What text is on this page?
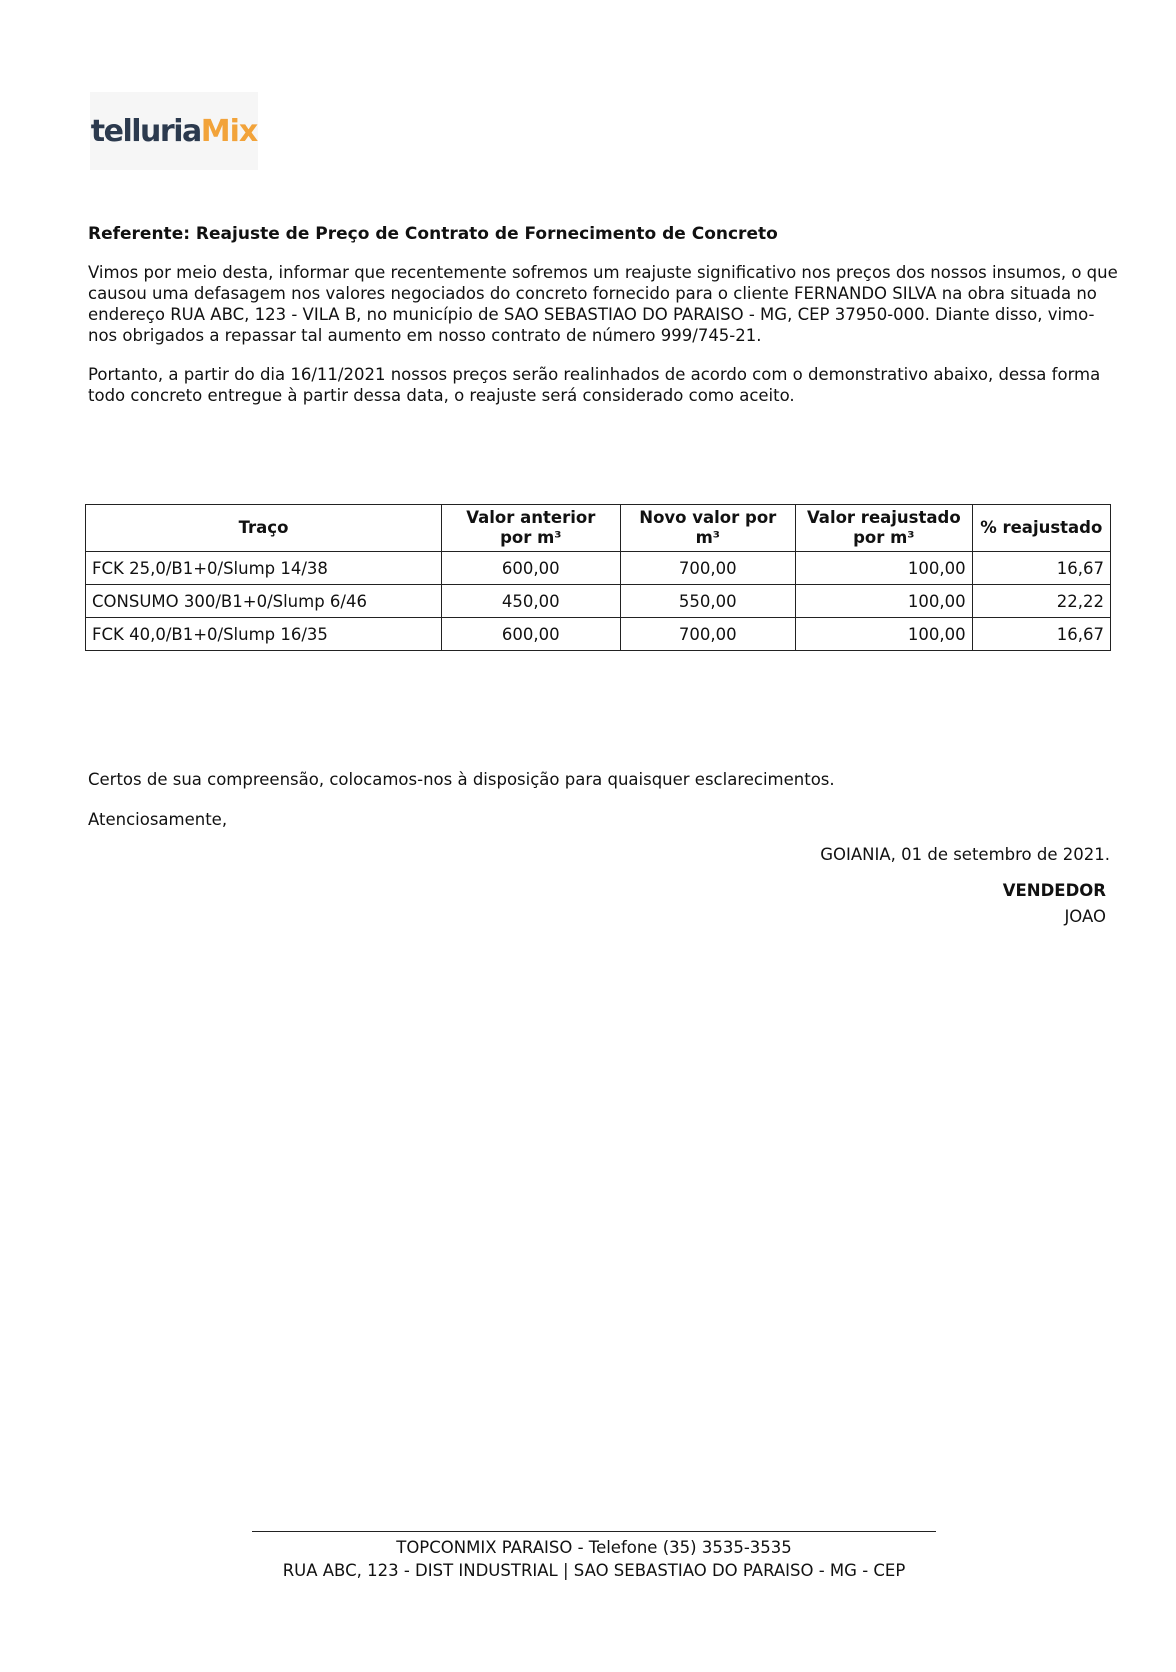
telluria Mix
Referente: Reajuste de Preço de Contrato de Fornecimento de Concreto

Vimos por meio desta, informar que recentemente sofremos um reajuste significativo nos preços dos nossos insumos, o que causou uma defasagem nos valores negociados do concreto fornecido para o cliente FERNANDO SILVA na obra situada no endereço RUA ABC, 123 - VILA B, no município de SAO SEBASTIAO DO PARAISO - MG, CEP 37950-000. Diante disso, vimo-nos obrigados a repassar tal aumento em nosso contrato de número 999/745-21.

Portanto, a partir do dia 16/11/2021 nossos preços serão realinhados de acordo com o demonstrativo abaixo, dessa forma todo concreto entregue à partir dessa data, o reajuste será considerado como aceito.

Traço	Valor anterior por m³	Novo valor por m³	Valor reajustado por m³	% reajustado
FCK 25,0/B1+0/Slump 14/38	600,00	700,00	100,00	16,67
CONSUMO 300/B1+0/Slump 6/46	450,00	550,00	100,00	22,22
FCK 40,0/B1+0/Slump 16/35	600,00	700,00	100,00	16,67
Certos de sua compreensão, colocamos-nos à disposição para quaisquer esclarecimentos.
Atenciosamente,
GOIANIA, 01 de setembro de 2021.
VENDEDOR
JOAO
TOPCONMIX PARAISO - Telefone (35) 3535-3535
RUA ABC, 123 - DIST INDUSTRIAL | SAO SEBASTIAO DO PARAISO - MG - CEP
